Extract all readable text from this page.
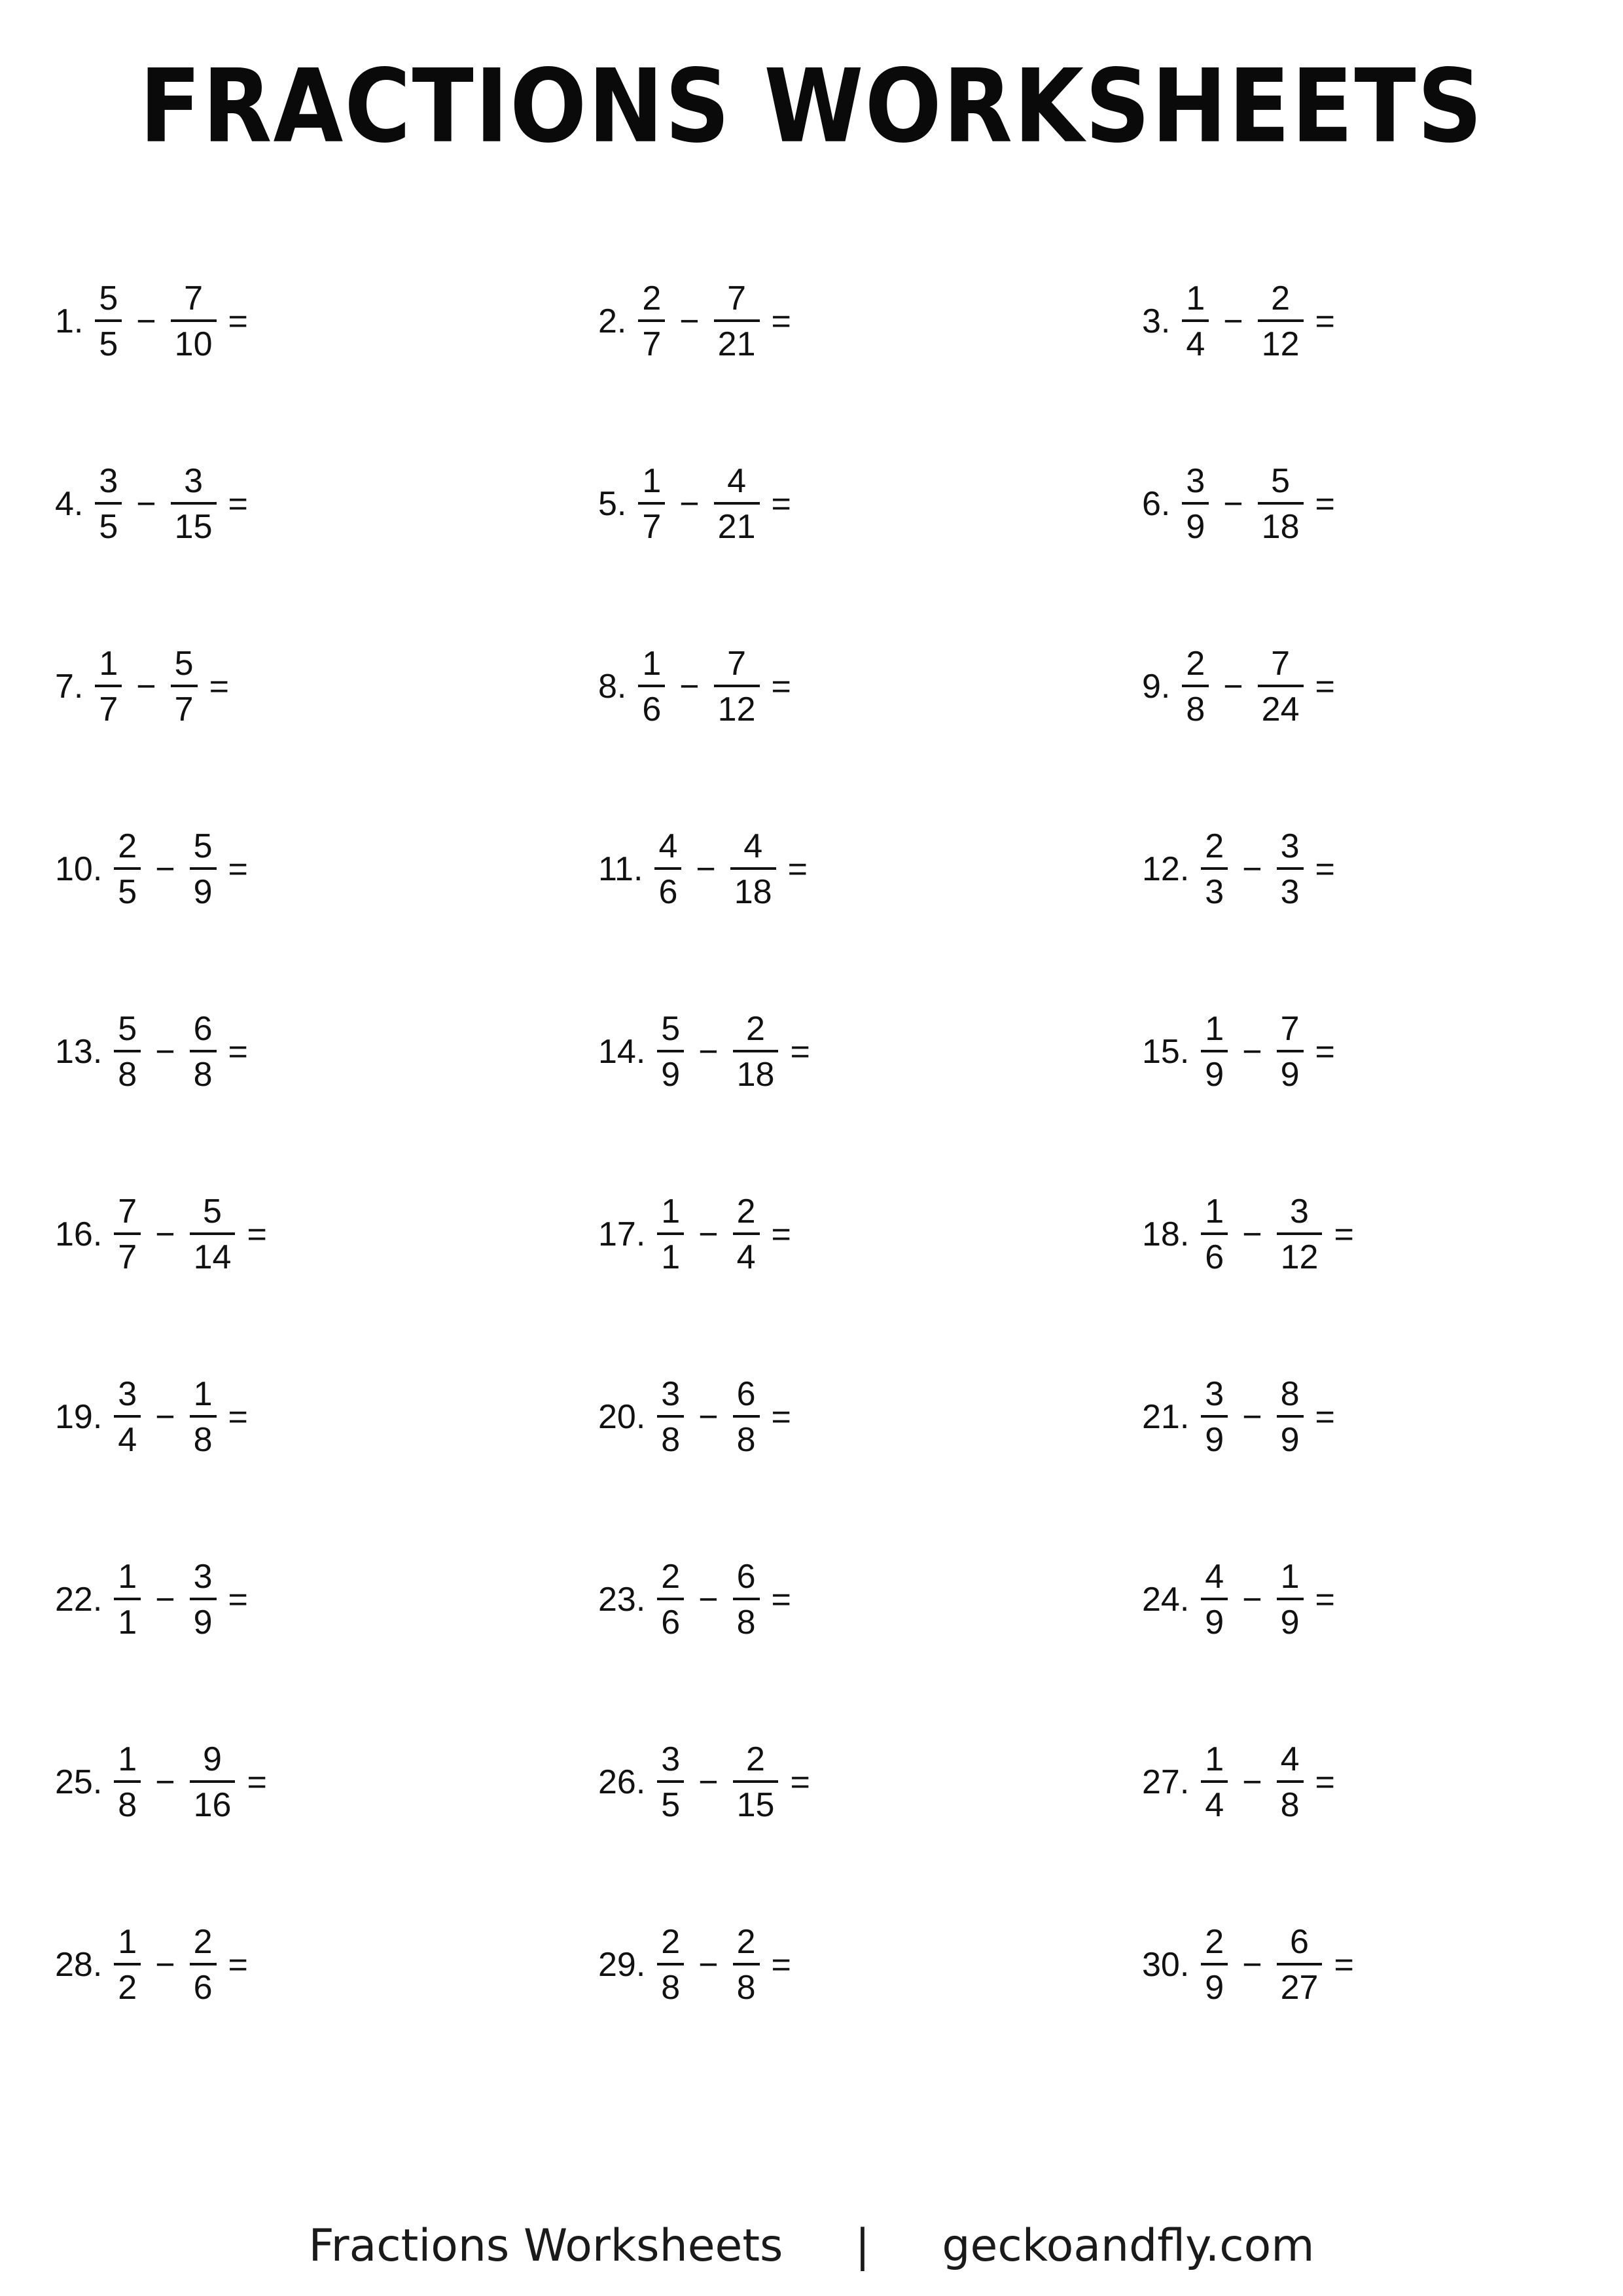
FRACTIONS WORKSHEETS
1. $\frac{5}{5} - \frac{7}{10}$ =	2. $\frac{2}{7} - \frac{7}{21}$ =	3. $\frac{1}{4} - \frac{2}{12}$ =
4. $\frac{3}{5} - \frac{3}{15}$ =	5. $\frac{1}{7} - \frac{4}{21}$ =	6. $\frac{3}{9} - \frac{5}{18}$ =
7. $\frac{1}{7} - \frac{5}{7}$ =	8. $\frac{1}{6} - \frac{7}{12}$ =	9. $\frac{2}{8} - \frac{7}{24}$ =
10. $\frac{2}{5} - \frac{5}{9}$ =	11. $\frac{4}{6} - \frac{4}{18}$ =	12. $\frac{2}{3} - \frac{3}{3}$ =
13. $\frac{5}{8} - \frac{6}{8}$ =	14. $\frac{5}{9} - \frac{2}{18}$ =	15. $\frac{1}{9} - \frac{7}{9}$ =
16. $\frac{7}{7} - \frac{5}{14}$ =	17. $\frac{1}{1} - \frac{2}{4}$ =	18. $\frac{1}{6} - \frac{3}{12}$ =
19. $\frac{3}{4} - \frac{1}{8}$ =	20. $\frac{3}{8} - \frac{6}{8}$ =	21. $\frac{3}{9} - \frac{8}{9}$ =
22. $\frac{1}{1} - \frac{3}{9}$ =	23. $\frac{2}{6} - \frac{6}{8}$ =	24. $\frac{4}{9} - \frac{1}{9}$ =
25. $\frac{1}{8} - \frac{9}{16}$ =	26. $\frac{3}{5} - \frac{2}{15}$ =	27. $\frac{1}{4} - \frac{4}{8}$ =
28. $\frac{1}{2} - \frac{2}{6}$ =	29. $\frac{2}{8} - \frac{2}{8}$ =	30. $\frac{2}{9} - \frac{6}{27}$ =
Fractions Worksheets | geckoandfly.com
